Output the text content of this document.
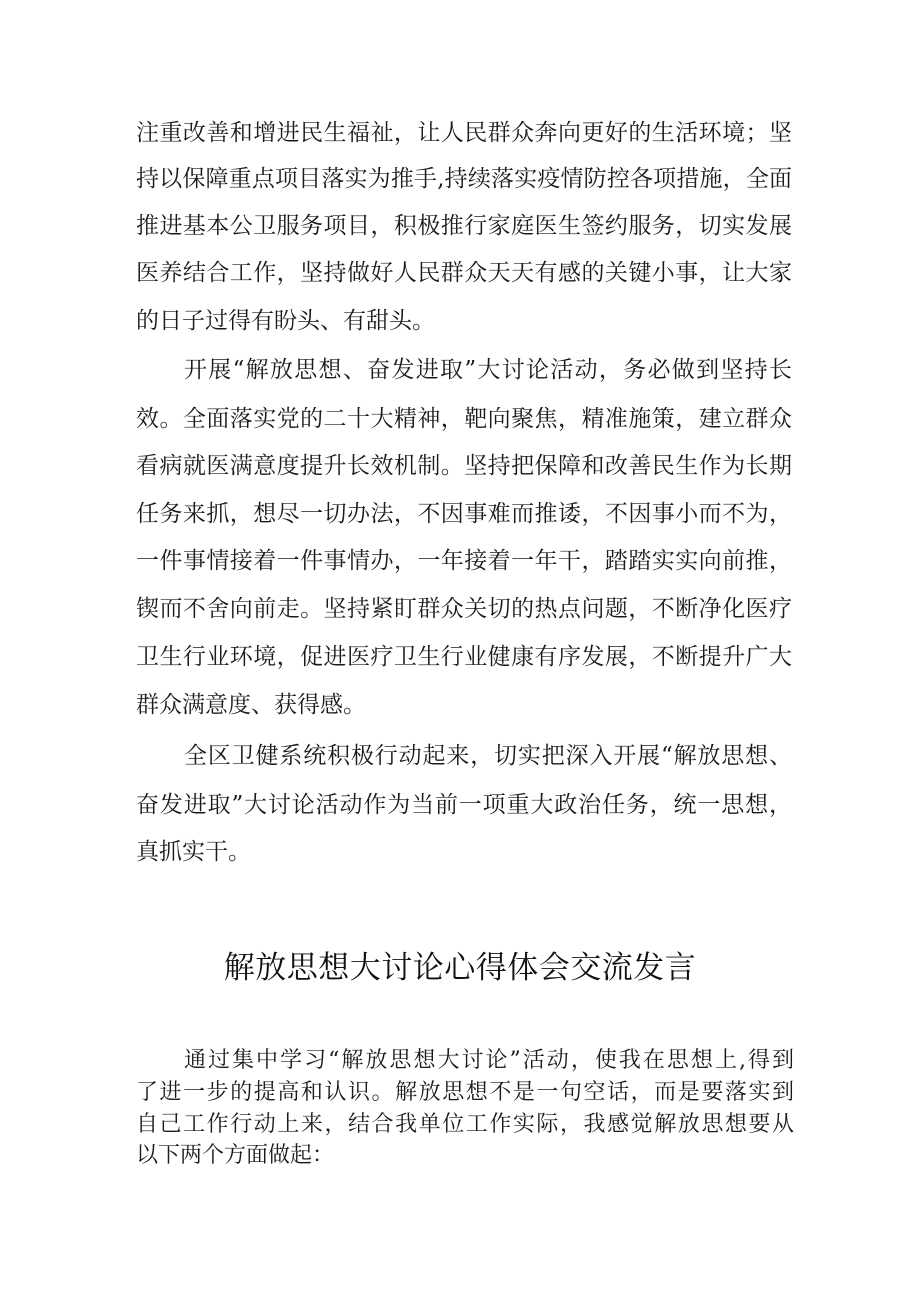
注重改善和增进民生福祉，让人民群众奔向更好的生活环境；坚
持以保障重点项目落实为推手,持续落实疫情防控各项措施，全面
推进基本公卫服务项目，积极推行家庭医生签约服务，切实发展
医养结合工作，坚持做好人民群众天天有感的关键小事，让大家
的日子过得有盼头、有甜头。
开展“解放思想、奋发进取”大讨论活动，务必做到坚持长
效。全面落实党的二十大精神，靶向聚焦，精准施策，建立群众
看病就医满意度提升长效机制。坚持把保障和改善民生作为长期
任务来抓，想尽一切办法，不因事难而推诿，不因事小而不为，
一件事情接着一件事情办，一年接着一年干，踏踏实实向前推，
锲而不舍向前走。坚持紧盯群众关切的热点问题，不断净化医疗
卫生行业环境，促进医疗卫生行业健康有序发展，不断提升广大
群众满意度、获得感。
全区卫健系统积极行动起来，切实把深入开展“解放思想、
奋发进取”大讨论活动作为当前一项重大政治任务，统一思想，
真抓实干。
解放思想大讨论心得体会交流发言
通过集中学习“解放思想大讨论”活动，使我在思想上,得到
了进一步的提高和认识。解放思想不是一句空话，而是要落实到
自己工作行动上来，结合我单位工作实际，我感觉解放思想要从
以下两个方面做起：
